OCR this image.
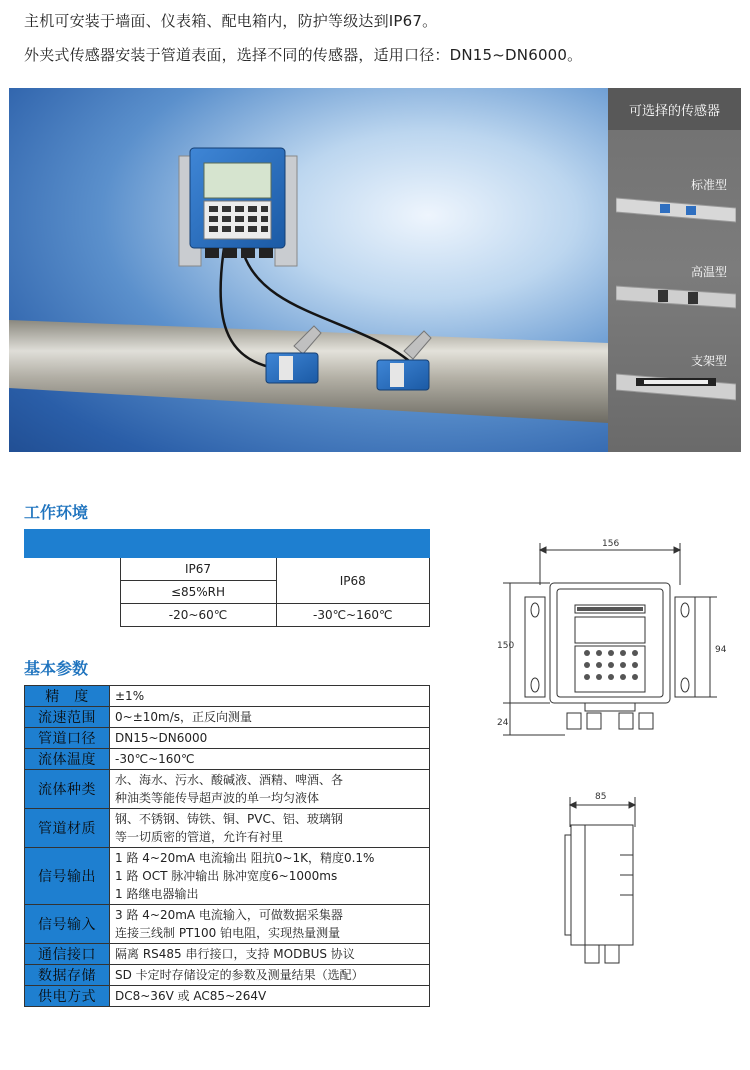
主机可安装于墙面、仪表箱、配电箱内，防护等级达到IP67。
外夹式传感器安装于管道表面，选择不同的传感器，适用口径：DN15~DN6000。
可选择的传感器
标准型
高温型
支架型
工作环境

	IP67	IP68
	≤85%RH	
	-20~60℃	-30℃~160℃
基本参数
精　度	±1%

流速范围	0~±10m/s，正反向测量

管道口径	DN15~DN6000

流体温度	-30℃~160℃

流体种类	水、海水、污水、酸碱液、酒精、啤酒、各
种油类等能传导超声波的单一均匀液体

管道材质	钢、不锈钢、铸铁、铜、PVC、铝、玻璃钢
等一切质密的管道，允许有衬里

信号输出	1 路 4~20mA 电流输出 阻抗0~1K，精度0.1%
1 路 OCT 脉冲输出 脉冲宽度6~1000ms
1 路继电器输出

信号输入	3 路 4~20mA 电流输入，可做数据采集器
连接三线制 PT100 铂电阻，实现热量测量

通信接口	隔离 RS485 串行接口，支持 MODBUS 协议

数据存储	SD 卡定时存储设定的参数及测量结果（选配）

供电方式	DC8~36V 或 AC85~264V
156
150	94
24
85
